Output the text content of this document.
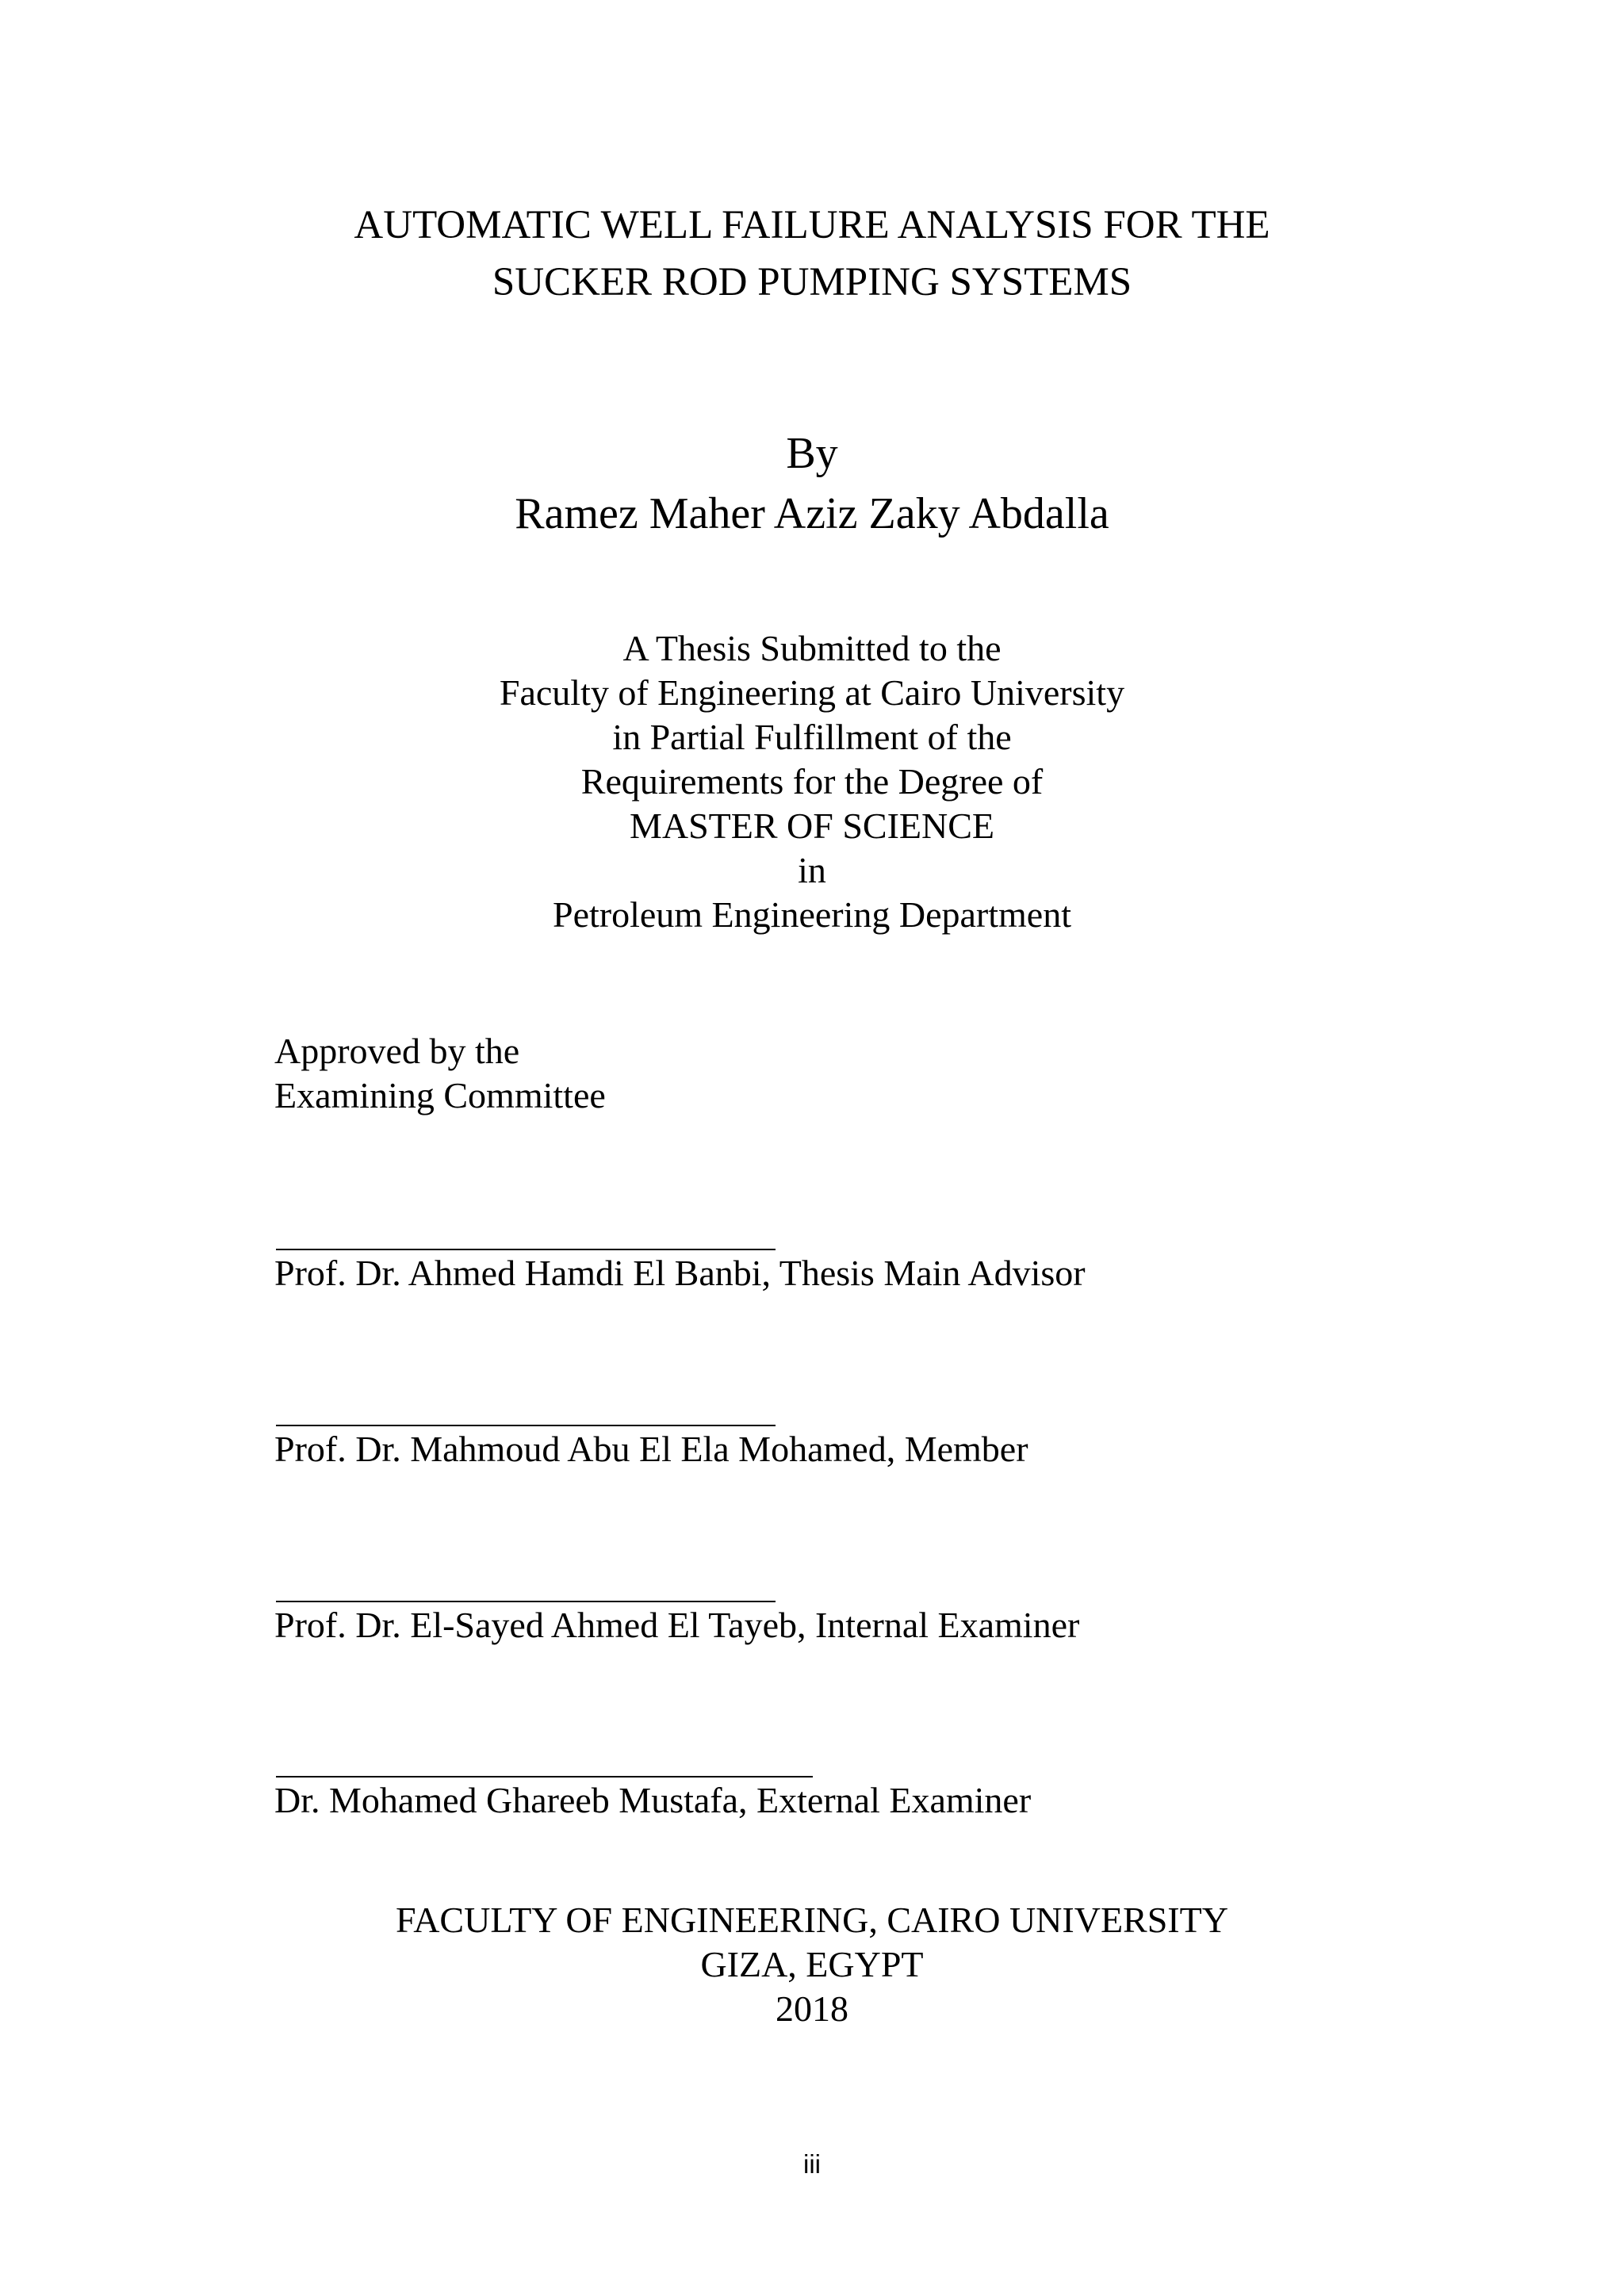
AUTOMATIC WELL FAILURE ANALYSIS FOR THE
SUCKER ROD PUMPING SYSTEMS
By
Ramez Maher Aziz Zaky Abdalla
A Thesis Submitted to the
Faculty of Engineering at Cairo University
in Partial Fulfillment of the
Requirements for the Degree of
MASTER OF SCIENCE
in
Petroleum Engineering Department
Approved by the
Examining Committee
Prof. Dr. Ahmed Hamdi El Banbi, Thesis Main Advisor
Prof. Dr. Mahmoud Abu El Ela Mohamed, Member
Prof. Dr. El-Sayed Ahmed El Tayeb, Internal Examiner
Dr. Mohamed Ghareeb Mustafa, External Examiner
FACULTY OF ENGINEERING, CAIRO UNIVERSITY
GIZA, EGYPT
2018
iii
